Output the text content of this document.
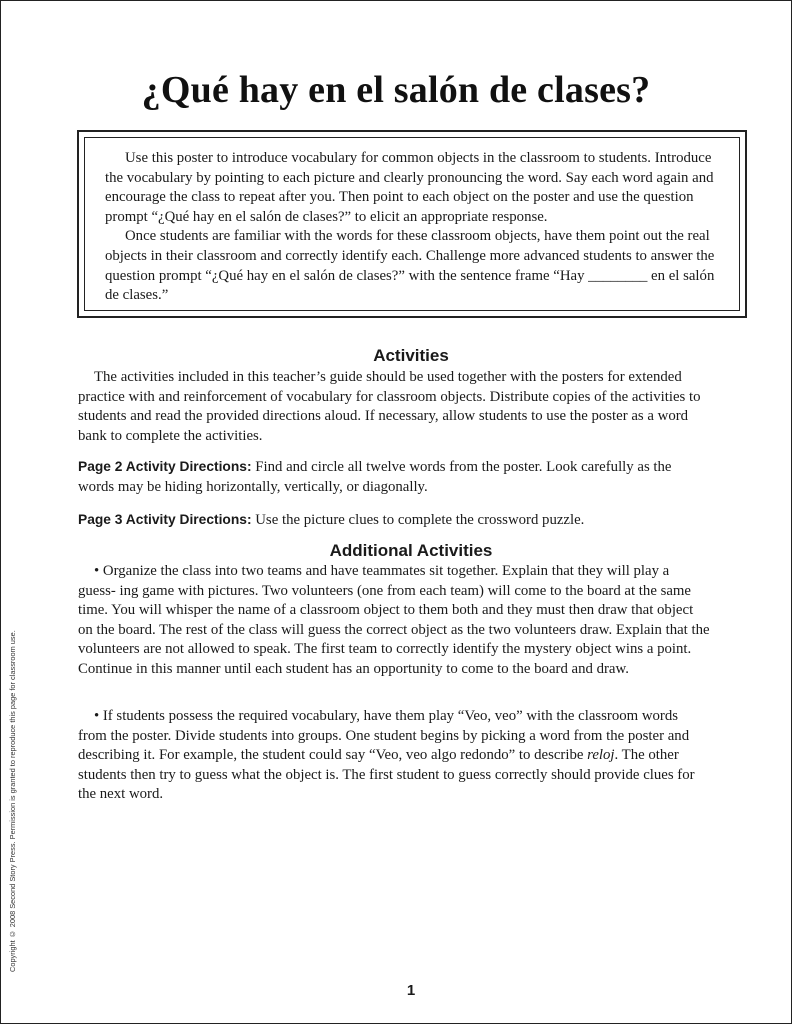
¿Qué hay en el salón de clases?

Use this poster to introduce vocabulary for common objects in the classroom to students. Introduce the vocabulary by pointing to each picture and clearly pronouncing the word. Say each word again and encourage the class to repeat after you. Then point to each object on the poster and use the question prompt “¿Qué hay en el salón de clases?” to elicit an appropriate response.

Once students are familiar with the words for these classroom objects, have them point out the real objects in their classroom and correctly identify each. Challenge more advanced students to answer the question prompt “¿Qué hay en el salón de clases?” with the sentence frame “Hay ________ en el salón de clases.”

Activities

The activities included in this teacher’s guide should be used together with the posters for extended practice with and reinforcement of vocabulary for classroom objects. Distribute copies of the activities to students and read the provided directions aloud. If necessary, allow students to use the poster as a word bank to complete the activities.

Page 2 Activity Directions: Find and circle all twelve words from the poster. Look carefully as the words may be hiding horizontally, vertically, or diagonally.

Page 3 Activity Directions: Use the picture clues to complete the crossword puzzle.

Additional Activities

• Organize the class into two teams and have teammates sit together. Explain that they will play a guess- ing game with pictures. Two volunteers (one from each team) will come to the board at the same time. You will whisper the name of a classroom object to them both and they must then draw that object on the board. The rest of the class will guess the correct object as the two volunteers draw. Explain that the volunteers are not allowed to speak. The first team to correctly identify the mystery object wins a point. Continue in this manner until each student has an opportunity to come to the board and draw.

• If students possess the required vocabulary, have them play “Veo, veo” with the classroom words from the poster. Divide students into groups. One student begins by picking a word from the poster and describing it. For example, the student could say “Veo, veo algo redondo” to describe reloj. The other students then try to guess what the object is. The first student to guess correctly should provide clues for the next word.

Copyright © 2008 Second Story Press. Permission is granted to reproduce this page for classroom use.
1
